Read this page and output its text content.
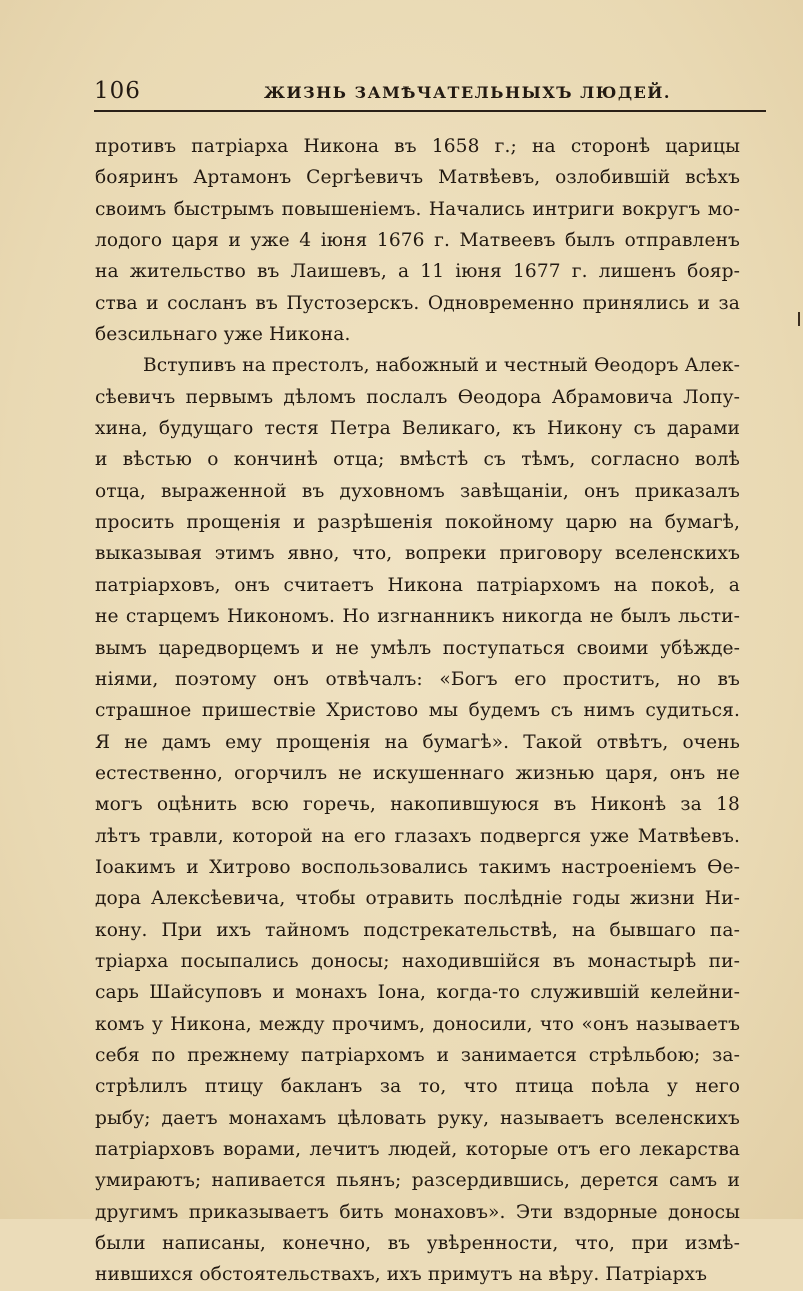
106	ЖИЗНЬ ЗАМѢЧАТЕЛЬНЫХЪ ЛЮДЕЙ.
противъ патріарха Никона въ 1658 г.; на сторонѣ царицы
бояринъ Артамонъ Сергѣевичъ Матвѣевъ, озлобившій всѣхъ
своимъ быстрымъ повышеніемъ. Начались интриги вокругъ мо-
лодого царя и уже 4 іюня 1676 г. Матвеевъ былъ отправленъ
на жительство въ Лаишевъ, а 11 іюня 1677 г. лишенъ бояр-
ства и сосланъ въ Пустозерскъ. Одновременно принялись и за
безсильнаго уже Никона.
Вступивъ на престолъ, набожный и честный Ѳеодоръ Алек-
сѣевичъ первымъ дѣломъ послалъ Ѳеодора Абрамовича Лопу-
хина, будущаго тестя Петра Великаго, къ Никону съ дарами
и вѣстью о кончинѣ отца; вмѣстѣ съ тѣмъ, согласно волѣ
отца, выраженной въ духовномъ завѣщаніи, онъ приказалъ
просить прощенія и разрѣшенія покойному царю на бумагѣ,
выказывая этимъ явно, что, вопреки приговору вселенскихъ
патріарховъ, онъ считаетъ Никона патріархомъ на покоѣ, а
не старцемъ Никономъ. Но изгнанникъ никогда не былъ льсти-
вымъ царедворцемъ и не умѣлъ поступаться своими убѣжде-
ніями, поэтому онъ отвѣчалъ: «Богъ его проститъ, но въ
страшное пришествіе Христово мы будемъ съ нимъ судиться.
Я не дамъ ему прощенія на бумагѣ». Такой отвѣтъ, очень
естественно, огорчилъ не искушеннаго жизнью царя, онъ не
могъ оцѣнить всю горечь, накопившуюся въ Никонѣ за 18
лѣтъ травли, которой на его глазахъ подвергся уже Матвѣевъ.
Іоакимъ и Хитрово воспользовались такимъ настроеніемъ Ѳе-
дора Алексѣевича, чтобы отравить послѣдніе годы жизни Ни-
кону. При ихъ тайномъ подстрекательствѣ, на бывшаго па-
тріарха посыпались доносы; находившійся въ монастырѣ пи-
сарь Шайсуповъ и монахъ Іона, когда-то служившій келейни-
комъ у Никона, между прочимъ, доносили, что «онъ называетъ
себя по прежнему патріархомъ и занимается стрѣльбою; за-
стрѣлилъ птицу бакланъ за то, что птица поѣла у него
рыбу; даетъ монахамъ цѣловать руку, называетъ вселенскихъ
патріарховъ ворами, лечитъ людей, которые отъ его лекарства
умираютъ; напивается пьянъ; разсердившись, дерется самъ и
другимъ приказываетъ бить монаховъ». Эти вздорные доносы
были написаны, конечно, въ увѣренности, что, при измѣ-
нившихся обстоятельствахъ, ихъ примутъ на вѣру. Патріархъ
